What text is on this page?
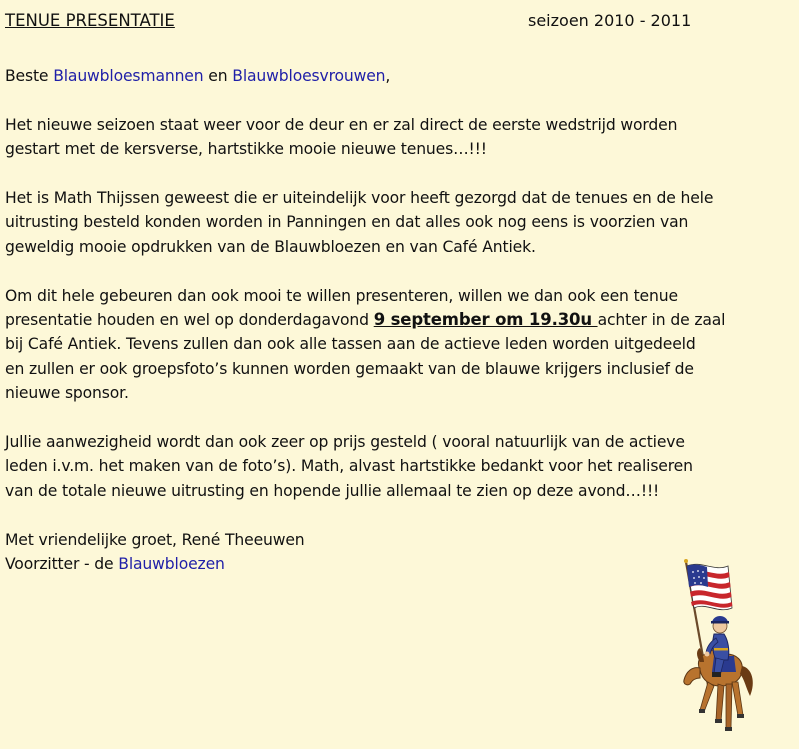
TENUE PRESENTATIE	seizoen 2010 - 2011

Beste Blauwbloesmannen en Blauwbloesvrouwen,

Het nieuwe seizoen staat weer voor de deur en er zal direct de eerste wedstrijd worden
gestart met de kersverse, hartstikke mooie nieuwe tenues…!!!

Het is Math Thijssen geweest die er uiteindelijk voor heeft gezorgd dat de tenues en de hele
uitrusting besteld konden worden in Panningen en dat alles ook nog eens is voorzien van
geweldig mooie opdrukken van de Blauwbloezen en van Café Antiek.

Om dit hele gebeuren dan ook mooi te willen presenteren, willen we dan ook een tenue
presentatie houden en wel op donderdagavond 9 september om 19.30u achter in de zaal
bij Café Antiek. Tevens zullen dan ook alle tassen aan de actieve leden worden uitgedeeld
en zullen er ook groepsfoto’s kunnen worden gemaakt van de blauwe krijgers inclusief de
nieuwe sponsor.

Jullie aanwezigheid wordt dan ook zeer op prijs gesteld ( vooral natuurlijk van de actieve
leden i.v.m. het maken van de foto’s). Math, alvast hartstikke bedankt voor het realiseren
van de totale nieuwe uitrusting en hopende jullie allemaal te zien op deze avond…!!!

Met vriendelijke groet, René Theeuwen
Voorzitter - de Blauwbloezen
